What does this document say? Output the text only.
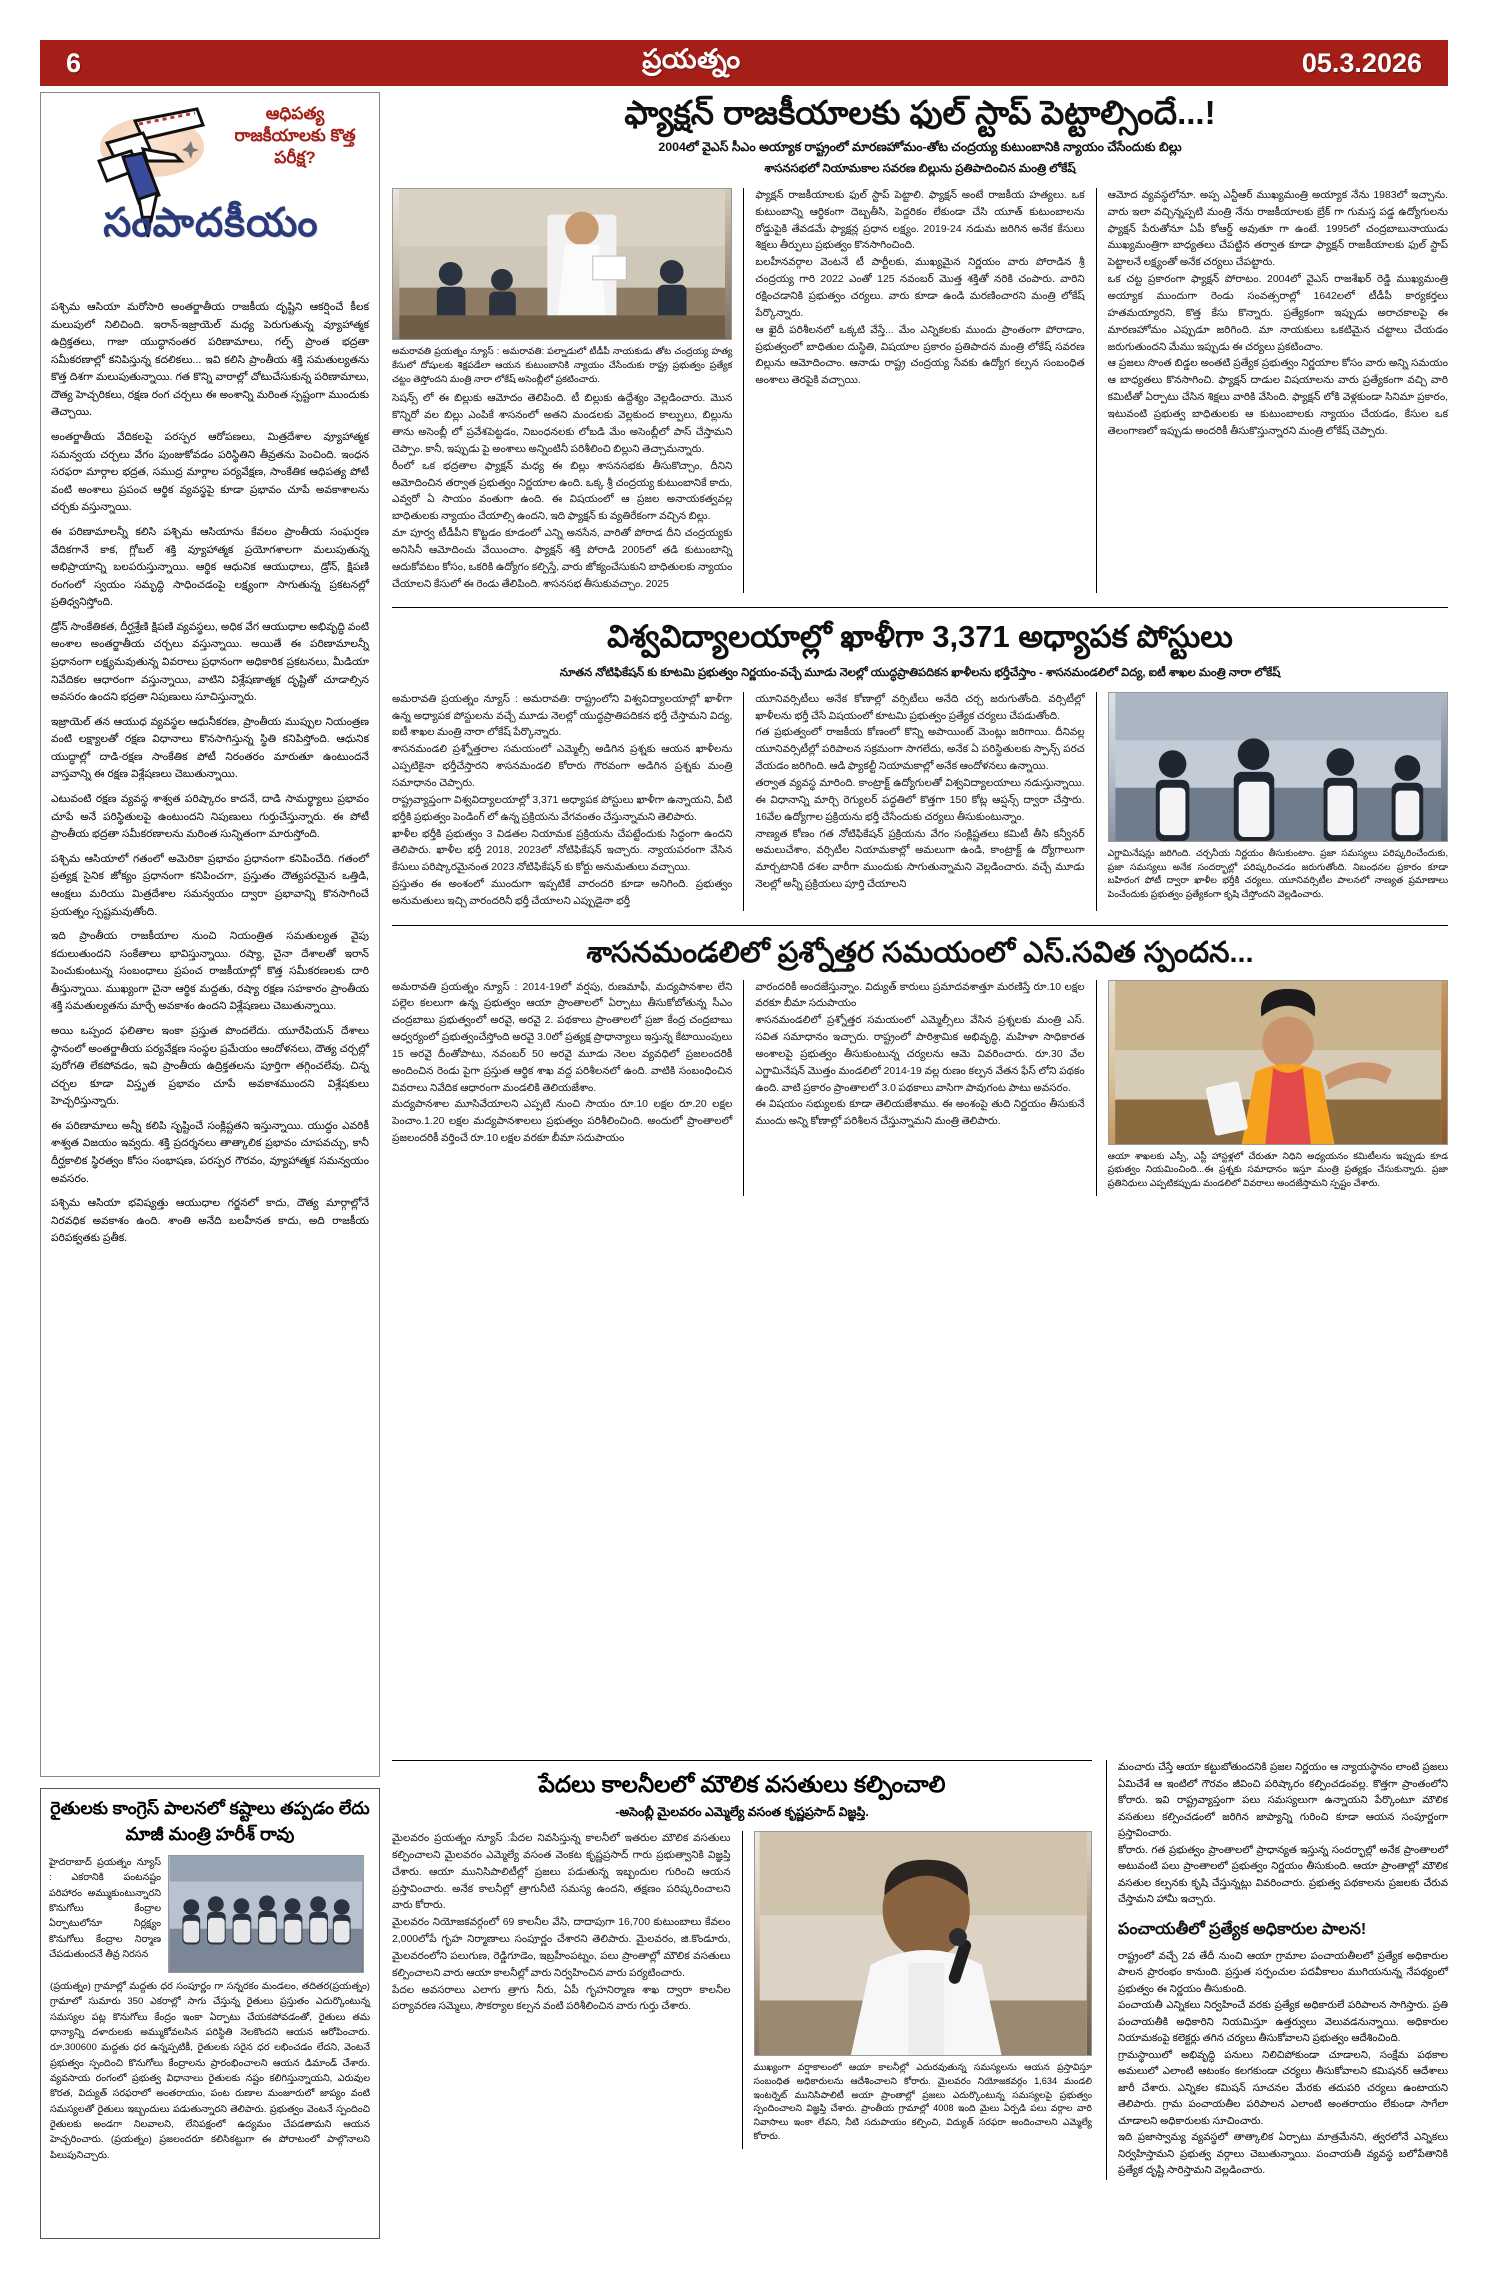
6	ప్రయత్నం	05.3.2026
ఆధిపత్య రాజకీయాలకు కొత్త పరీక్ష?
సంపాదకీయం

పశ్చిమ ఆసియా మరోసారి అంతర్జాతీయ రాజకీయ దృష్టిని ఆకర్షించే కీలక మలుపులో నిలిచింది. ఇరాన్-ఇజ్రాయెల్ మధ్య పెరుగుతున్న వ్యూహాత్మక ఉద్రిక్తతలు, గాజా యుద్ధానంతర పరిణామాలు, గల్ఫ్ ప్రాంత భద్రతా సమీకరణాల్లో కనిపిస్తున్న కదలికలు... ఇవి కలిసి ప్రాంతీయ శక్తి సమతుల్యతను కొత్త దిశగా మలుపుతున్నాయి. గత కొన్ని వారాల్లో చోటుచేసుకున్న పరిణామాలు, దౌత్య హెచ్చరికలు, రక్షణ రంగ చర్చలు ఈ అంశాన్ని మరింత స్పష్టంగా ముందుకు తెచ్చాయి.

అంతర్జాతీయ వేదికలపై పరస్పర ఆరోపణలు, మిత్రదేశాల వ్యూహాత్మక సమన్వయ చర్చలు వేగం పుంజుకోవడం పరిస్థితిని తీవ్రతను పెంచింది. ఇంధన సరఫరా మార్గాల భద్రత, సముద్ర మార్గాల పర్యవేక్షణ, సాంకేతిక ఆధిపత్య పోటీ వంటి అంశాలు ప్రపంచ ఆర్థిక వ్యవస్థపై కూడా ప్రభావం చూపే అవకాశాలను చర్చకు వస్తున్నాయి.

ఈ పరిణామాలన్నీ కలిసి పశ్చిమ ఆసియాను కేవలం ప్రాంతీయ సంఘర్షణ వేదికగానే కాక, గ్లోబల్ శక్తి వ్యూహాత్మక ప్రయోగశాలగా మలుపుతున్న అభిప్రాయాన్ని బలపరుస్తున్నాయి. ఆర్థిక ఆధునిక ఆయుధాలు, డ్రోన్, క్షిపణి రంగంలో స్వయం సమృద్ధి సాధించడంపై లక్ష్యంగా సాగుతున్న ప్రకటనల్లో ప్రతిధ్వనిస్తోంది.

డ్రోన్ సాంకేతికత, దీర్ఘశ్రేణి క్షిపణి వ్యవస్థలు, అధిక వేగ ఆయుధాల అభివృద్ధి వంటి అంశాల అంతర్జాతీయ చర్చలు వస్తున్నాయి. అయితే ఈ పరిణామాలన్నీ ప్రధానంగా లక్ష్యమవుతున్న వివరాలు ప్రధానంగా అధికారిక ప్రకటనలు, మీడియా నివేదికల ఆధారంగా వస్తున్నాయి, వాటిని విశ్లేషణాత్మక దృష్టితో చూడాల్సిన అవసరం ఉందని భద్రతా నిపుణులు సూచిస్తున్నారు.

ఇజ్రాయెల్ తన ఆయుధ వ్యవస్థల ఆధునీకరణ, ప్రాంతీయ ముప్పుల నియంత్రణ వంటి లక్ష్యాలతో రక్షణ విధానాలు కొనసాగిస్తున్న స్థితి కనిపిస్తోంది. ఆధునిక యుద్ధాల్లో దాడి-రక్షణ సాంకేతిక పోటీ నిరంతరం మారుతూ ఉంటుందనే వాస్తవాన్ని ఈ రక్షణ విశ్లేషణలు చెబుతున్నాయి.

ఎటువంటి రక్షణ వ్యవస్థ శాశ్వత పరిష్కారం కాదనే, దాడి సామర్థ్యాలు ప్రభావం చూపే అనే పరిస్థితులపై ఉంటుందని నిపుణులు గుర్తుచేస్తున్నారు. ఈ పోటీ ప్రాంతీయ భద్రతా సమీకరణాలను మరింత సున్నితంగా మారుస్తోంది.

పశ్చిమ ఆసియాలో గతంలో అమెరికా ప్రభావం ప్రధానంగా కనిపించేది. గతంలో ప్రత్యక్ష సైనిక జోక్యం ప్రధానంగా కనిపించగా, ప్రస్తుతం దౌత్యపరమైన ఒత్తిడి, ఆంక్షలు మరియు మిత్రదేశాల సమన్వయం ద్వారా ప్రభావాన్ని కొనసాగించే ప్రయత్నం స్పష్టమవుతోంది.

ఇది ప్రాంతీయ రాజకీయాల నుంచి నియంత్రిత సమతుల్యత వైపు కదులుతుందని సంకేతాలు భావిస్తున్నాయి. రష్యా, చైనా దేశాలతో ఇరాన్ పెంచుకుంటున్న సంబంధాలు ప్రపంచ రాజకీయాల్లో కొత్త సమీకరణలకు దారి తీస్తున్నాయి. ముఖ్యంగా చైనా ఆర్థిక మద్దతు, రష్యా రక్షణ సహకారం ప్రాంతీయ శక్తి సమతుల్యతను మార్చే అవకాశం ఉందని విశ్లేషణలు చెబుతున్నాయి.

అయి ఒప్పంద ఫలితాల ఇంకా ప్రస్తుత పొందలేదు. యూరేపియన్ దేశాలు స్థానంలో అంతర్జాతీయ పర్యవేక్షణ సంస్థల ప్రమేయం ఆందోళనలు, దౌత్య చర్చల్లో పురోగతి లేకపోవడం, ఇవి ప్రాంతీయ ఉద్రిక్తతలను పూర్తిగా తగ్గించలేవు. చిన్న చర్చల కూడా విస్తృత ప్రభావం చూపే అవకాశముందని విశ్లేషకులు హెచ్చరిస్తున్నారు.

ఈ పరిణామాలు అన్నీ కలిపి సృష్టించే సంక్లిష్టతని ఇస్తున్నాయి. యుద్ధం ఎవరికీ శాశ్వత విజయం ఇవ్వదు. శక్తి ప్రదర్శనలు తాత్కాలిక ప్రభావం చూపవచ్చు, కానీ దీర్ఘకాలిక స్థిరత్వం కోసం సంభాషణ, పరస్పర గౌరవం, వ్యూహాత్మక సమన్వయం అవసరం.

పశ్చిమ ఆసియా భవిష్యత్తు ఆయుధాల గర్జనలో కాదు, దౌత్య మార్గాల్లోనే నిరవధిక అవకాశం ఉంది. శాంతి అనేది బలహీనత కాదు, అది రాజకీయ పరిపక్వతకు ప్రతీక.

రైతులకు కాంగ్రెస్ పాలనలో కష్టాలు తప్పడం లేదు
మాజీ మంత్రి హరీశ్ రావు
హైదరాబాద్ ప్రయత్నం న్యూస్ : ఎకరానికి పంటనష్టం పరిహారం అమ్ముకుంటున్నారని కొనుగోలు కేంద్రాల ఏర్పాటులోనూ నిర్లక్ష్యం కొనుగోలు కేంద్రాల నిర్మాణ చేపడుతుందనే తీవ్ర నిరసన
(ప్రయత్నం) గ్రామాల్లో మద్దతు ధర సంపూర్ణం గా సన్నరకం మండలం, తదితర(ప్రయత్నం) గ్రామాలో సుమారు 350 ఎకరాల్లో సాగు చేస్తున్న రైతులు ప్రస్తుతం ఎదుర్కొంటున్న సమస్యల పట్ల కొనుగోలు కేంద్రం ఇంకా ఏర్పాటు చేయకపోవడంతో, రైతులు తమ ధాన్యాన్ని దళారులకు అమ్ముకోవలసిన పరిస్థితి నెలకొందని ఆయన ఆరోపించారు. రూ.300600 మద్దతు ధర ఉన్నప్పటికీ, రైతులకు సరైన ధర లభించడం లేదని, వెంటనే ప్రభుత్వం స్పందించి కొనుగోలు కేంద్రాలను ప్రారంభించాలని ఆయన డిమాండ్ చేశారు. వ్యవసాయ రంగంలో ప్రభుత్వ విధానాలు రైతులకు నష్టం కలిగిస్తున్నాయని, ఎరువుల కొరత, విద్యుత్ సరఫరాలో అంతరాయం, పంట రుణాల మంజూరులో జాప్యం వంటి సమస్యలతో రైతులు ఇబ్బందులు పడుతున్నారని తెలిపారు. ప్రభుత్వం వెంటనే స్పందించి రైతులకు అండగా నిలవాలని, లేనిపక్షంలో ఉద్యమం చేపడతామని ఆయన హెచ్చరించారు. (ప్రయత్నం) ప్రజలందరూ కలిసికట్టుగా ఈ పోరాటంలో పాల్గొనాలని పిలుపునిచ్చారు.
ఫ్యాక్షన్ రాజకీయాలకు ఫుల్ స్టాప్ పెట్టాల్సిందే...!
2004లో వైఎస్ సీఎం అయ్యాక రాష్ట్రంలో మారణహోమం-తోట చంద్రయ్య కుటుంబానికి న్యాయం చేసేందుకు బిల్లు
శాసనసభలో నియామకాల సవరణ బిల్లును ప్రతిపాదించిన మంత్రి లోకేష్
అమరావతి ప్రయత్నం న్యూస్ : అమరావతి: పల్నాడులో టీడీపీ నాయకుడు తోట చంద్రయ్య హత్య కేసులో దోషులకు శిక్షపడేలా ఆయన కుటుంబానికి న్యాయం చేసేందుకు రాష్ట్ర ప్రభుత్వం ప్రత్యేక చట్టం తెస్తోందని మంత్రి నారా లోకేష్ అసెంబ్లీలో ప్రకటించారు.
సెషన్స్ లో ఈ బిల్లుకు ఆమోదం తెలిపింది. టీ బిల్లుకు ఉద్దేశ్యం వెల్లడించారు. మొన కొన్నిరో వల బిల్లు ఎంపికే శాసనంలో అతని మండలకు వెల్లకుంద కాల్పులు, బిల్లును తాను అసెంబ్లీ లో ప్రవేశపెట్టడం, నిబంధనలకు లోబడి మేం అసెంబ్లీలో పాస్ చేస్తామని చెప్పాం. కానీ, ఇప్పుడు పై అంశాలు అన్నింటినీ పరిశీలించి బిల్లుని తెచ్చామన్నారు.
రీంలో ఒక భద్రతాల ఫ్యాక్షన్ మధ్య ఈ బిల్లు శాసనసభకు తీసుకొచ్చాం, దీనిని ఆమోదించిన తర్వాత ప్రభుత్వం నిర్ణయాల ఉంది. ఒక్క శ్రీ చంద్రయ్య కుటుంబానికే కాదు, ఎవ్వరో ఏ సాయం వంతుగా ఉంది. ఈ విషయంలో ఆ ప్రజల అనాయకత్వవల్ల బాధితులకు న్యాయం చేయాల్సి ఉందని, ఇది ఫ్యాక్షన్ కు వ్యతిరేకంగా వచ్చిన బిల్లు.
మా పూర్వ టీడీపీని కొట్టడం కూడంలో ఎన్ని అనసేన, వారితో పోరాడ దీని చంద్రయ్యకు అనిసినీ ఆమోదించు వేయించాం. ఫ్యాక్షన్ శక్తి పోరాడి 2005లో తడి కుటుంబాన్ని ఆదుకోవటం కోసం, ఒకరికి ఉద్యోగం కల్పిస్తే, వారు జోక్యంచేసుకుని బాధితులకు న్యాయం చేయాలని కేసులో ఈ రెండు తేలిపింది. శాసనసభ తీసుకువచ్చాం. 2025
ఫ్యాక్షన్ రాజకీయాలకు ఫుల్ స్టాప్ పెట్టాలి. ఫ్యాక్షన్ అంటే రాజకీయ హత్యలు. ఒక కుటుంబాన్ని ఆర్థికంగా దెబ్బతీసి, పెద్దరికం లేకుండా చేసి యూత్ కుటుంబాలను రోడ్డుపైకి తేవడమే ఫ్యాక్షన్ల ప్రధాన లక్ష్యం. 2019-24 నడుమ జరిగిన అనేక కేసులు శిక్షలు తీర్పులు ప్రభుత్వం కొనసాగించింది.
బలహీనవర్గాల వెంటనే టీ పార్టీలకు, ముఖ్యమైన నిర్ణయం వారు పోరాడిన శ్రీ చంద్రయ్య గారి 2022 ఎంతో 125 నవంబర్ మెుత్త శక్తితో నరికి చంపారు. వారిని రక్షించడానికి ప్రభుత్వం చర్యలు. వారు కూడా ఉండి మరణించారని మంత్రి లోకేష్ పేర్కొన్నారు.
ఆ ఖైదీ పరిశీలనలో ఒక్కటి వేస్తే... మేం ఎన్నికలకు ముందు ప్రాంతంగా పోరాడాం, ప్రభుత్వంలో బాధితుల దుస్థితి, విషయాల ప్రకారం ప్రతిపాదన మంత్రి లోకేష్ సవరణ బిల్లును ఆమోదించాం. ఆనాడు రాష్ట్ర చంద్రయ్య సేవకు ఉద్యోగ కల్పన సంబంధిత అంశాలు తెరపైకి వచ్చాయి.
ఆమోద వ్యవస్థలోనూ. అప్ప ఎన్టీఆర్ ముఖ్యమంత్రి అయ్యాక నేను 1983లో ఇచ్చాను. వారు ఇలా వచ్చిన్నప్పటి మంత్రి నేను రాజకీయాలకు బ్రేక్ గా గుమస్త పడ్డ ఉద్యోగులను ఫ్యాక్షన్ పేరుతోనూ ఏపీ కోఆర్డ్ అవుతూ గా ఉంటే. 1995లో చంద్రబాబునాయుడు ముఖ్యమంత్రిగా బాధ్యతలు చేపట్టిన తర్వాత కూడా ఫ్యాక్షన్ రాజకీయాలకు ఫుల్ స్టాప్ పెట్టాలనే లక్ష్యంతో అనేక చర్యలు చేపట్టారు.
ఒక చట్ట ప్రకారంగా ఫ్యాక్షన్ పోరాటం. 2004లో వైఎస్ రాజశేఖర్ రెడ్డి ముఖ్యమంత్రి అయ్యాక ముందుగా రెండు సంవత్సరాల్లో 1642లలో టీడీపీ కార్యకర్తలు హతమయ్యారని, కొత్త కేసు కొన్నారు. ప్రత్యేకంగా ఇప్పుడు అరాచకాలపై ఈ మారణహోమం ఎప్పుడూ జరిగింది. మా నాయకులు ఒకటిమైన చట్టాలు చేయడం జరుగుతుందని మేము ఇప్పుడు ఈ చర్యలు ప్రకటించాం.
ఆ ప్రజలు సొంత బిడ్డల అంతటి ప్రత్యేక ప్రభుత్వం నిర్ణయాల కోసం వారు అన్ని సమయం ఆ బాధ్యతలు కొనసాగించి. ఫ్యాక్షన్ దాడుల విషయాలను వారు ప్రత్యేకంగా వచ్చి వారి కమిటీతో ఏర్పాటు చేసిన శిక్షలు వారికి వేసింది. ఫ్యాక్షన్ లోకి వెళ్లకుండా సినిమా ప్రకారం, ఇటువంటి ప్రభుత్వ బాధితులకు ఆ కుటుంబాలకు న్యాయం చేయడం, కేసుల ఒక తెలంగాణలో ఇప్పుడు అందరికీ తీసుకొస్తున్నారని మంత్రి లోకేష్ చెప్పారు.
విశ్వవిద్యాలయాల్లో ఖాళీగా 3,371 అధ్యాపక పోస్టులు
నూతన నోటిఫికేషన్ కు కూటమి ప్రభుత్వం నిర్ణయం-వచ్చే మూడు నెలల్లో యుద్ధప్రాతిపదికన ఖాళీలను భర్తీచేస్తాం - శాసనమండలిలో విద్య, ఐటీ శాఖల మంత్రి నారా లోకేష్
అమరావతి ప్రయత్నం న్యూస్ : అమరావతి: రాష్ట్రంలోని విశ్వవిద్యాలయాల్లో ఖాళీగా ఉన్న అధ్యాపక పోస్టులను వచ్చే మూడు నెలల్లో యుద్ధప్రాతిపదికన భర్తీ చేస్తామని విద్య, ఐటీ శాఖల మంత్రి నారా లోకేష్ పేర్కొన్నారు.
శాసనమండలి ప్రశ్నోత్తరాల సమయంలో ఎమ్మెల్సీ అడిగిన ప్రశ్నకు ఆయన ఖాళీలను ఎప్పటికైనా భర్తీచేస్తారని శాసనమండలి కోరారు గౌరవంగా అడిగిన ప్రశ్నకు మంత్రి సమాధానం చెప్పారు.
రాష్ట్రవ్యాప్తంగా విశ్వవిద్యాలయాల్లో 3,371 అధ్యాపక పోస్టులు ఖాళీగా ఉన్నాయని, వీటి భర్తీకి ప్రభుత్వం పెండింగ్ లో ఉన్న ప్రక్రియను వేగవంతం చేస్తున్నామని తెలిపారు.
ఖాళీల భర్తీకి ప్రభుత్వం 3 విడతల నియామక ప్రక్రియను చేపట్టేందుకు సిద్ధంగా ఉందని తెలిపారు. ఖాళీల భర్తీ 2018, 2023లో నోటిఫికేషన్ ఇచ్చారు. న్యాయపరంగా వేసిన కేసులు పరిష్కారమైనంత 2023 నోటిఫికేషన్ కు కోర్టు అనుమతులు వచ్చాయి.
ప్రస్తుతం ఈ అంశంలో ముందుగా ఇప్పటికే వారందరి కూడా అనిగింది. ప్రభుత్వం అనుమతులు ఇచ్చి వారందరినీ భర్తీ చేయాలని ఎప్పుడైనా భర్తీ
యూనివర్సిటీలు అనేక కోణాల్లో వర్సిటీలు అనేది చర్చ జరుగుతోంది. వర్సిటీల్లో ఖాళీలను భర్తీ చేసే విషయంలో కూటమి ప్రభుత్వం ప్రత్యేక చర్యలు చేపడుతోంది.
గత ప్రభుత్వంలో రాజకీయ కోణంలో కొన్ని అపాయింట్ మెంట్లు జరిగాయి. దీనివల్ల యూనివర్సిటీల్లో పరిపాలన సక్రమంగా సాగలేదు, అనేక ఏ పరిస్థితులకు స్పాన్స్ పరచ వేయడం జరిగింది. ఆడి ఫ్యాకల్టీ నియామకాల్లో అనేక ఆందోళనలు ఉన్నాయి.
తర్వాత వ్యవస్థ మారింది. కాంట్రాక్ట్ ఉద్యోగులతో విశ్వవిద్యాలయాలు నడుస్తున్నాయి. ఈ విధానాన్ని మార్చి రెగ్యులర్ పద్ధతిలో కొత్తగా 150 కోట్ల ఆప్షన్స్ ద్వారా చేస్తారు. 16వేల ఉద్యోగాల ప్రక్రియను భర్తీ చేసేందుకు చర్యలు తీసుకుంటున్నాం.
నాణ్యత కోణం గత నోటిఫికేషన్ ప్రక్రియను వేగం సంక్లిష్టతలు కమిటీ తీసి కన్వీనర్ అమలుచేశాం, వర్సిటీల నియామకాల్లో అమలుగా ఉండి, కాంట్రాక్ట్ ఉ ద్యోగాలుగా మార్చటానికి దశల వారీగా ముందుకు సాగుతున్నామని వెల్లడించారు. వచ్చే మూడు నెలల్లో అన్నీ ప్రక్రియలు పూర్తి చేయాలని
ఎగ్జామినేషన్లు జరిగింది. చర్చనీయ నిర్ణయం తీసుకుంటాం. ప్రజా సమస్యలు పరిష్కరించేందుకు, ప్రజా సమస్యలు అనేక సందర్భాల్లో పరిష్కరించడం జరుగుతోంది. నిబంధనల ప్రకారం కూడా బహిరంగ పోటీ ద్వారా ఖాళీల భర్తీకి చర్యలు. యూనివర్సిటీల పాలనలో నాణ్యత ప్రమాణాలు పెంచేందుకు ప్రభుత్వం ప్రత్యేకంగా కృషి చేస్తోందని వెల్లడించారు.
శాసనమండలిలో ప్రశ్నోత్తర సమయంలో ఎస్.సవిత స్పందన...
అమరావతి ప్రయత్నం న్యూస్ : 2014-19లో వర్షపు, రుణమాఫీ, మద్యపానశాల లేని పల్లెల కలలుగా ఉన్న ప్రభుత్వం ఆయా ప్రాంతాలలో ఏర్పాటు తీసుకోబోతున్న సీఎం చంద్రబాబు ప్రభుత్వంలో అరవై, అరవై 2. పథకాలు ప్రాంతాలలో ప్రజా కేంద్ర చంద్రబాబు ఆధ్వర్యంలో ప్రభుత్వంచేస్తోంది అరవై 3.0లో ప్రత్యక్ష ప్రాధాన్యాలు ఇస్తున్న కేటాయింపులు 15 అరవై దీంతోపాటు, నవంబర్ 50 అరవై మూడు నెలల వ్యవధిలో ప్రజలందరికీ అందించిన రెండు పైగా ప్రస్తుత ఆర్థిక శాఖ వద్ద పరిశీలనలో ఉంది. వాటికి సంబంధించిన వివరాలు నివేదిక ఆధారంగా మండలికి తెలియజేశాం.
మద్యపానశాల మూసివేయాలని ఎప్పటి నుంచి సాయం రూ.10 లక్షల రూ.20 లక్షల పెంచాం.1.20 లక్షల మద్యపానశాలలు ప్రభుత్వం పరిశీలించింది. అందులో ప్రాంతాలలో ప్రజలందరికీ వర్తించే రూ.10 లక్షల వరకూ బీమా సదుపాయం
వారందరికీ అందజేస్తున్నాం. విద్యుత్ కారులు ప్రమాదవశాత్తూ మరణిస్తే రూ.10 లక్షల వరకూ బీమా సదుపాయం
శాసనమండలిలో ప్రశ్నోత్తర సమయంలో ఎమ్మెల్సీలు వేసిన ప్రశ్నలకు మంత్రి ఎస్. సవిత సమాధానం ఇచ్చారు. రాష్ట్రంలో పారిశ్రామిక అభివృద్ధి, మహిళా సాధికారత అంశాలపై ప్రభుత్వం తీసుకుంటున్న చర్యలను ఆమె వివరించారు. రూ.30 వేల ఎగ్జామినేషన్ మెుత్తం మండలిలో 2014-19 వల్ల రుణం కల్పన వేతన ఫేస్ లోని పథకం ఉంది. వాటి ప్రకారం ప్రాంతాలలో 3.0 పథకాలు వాసిగా పావుగంట పాటు అవసరం.
ఈ విషయం సభ్యులకు కూడా తెలియజేశాము. ఈ అంశంపై తుది నిర్ణయం తీసుకునే ముందు అన్ని కోణాల్లో పరిశీలన చేస్తున్నామని మంత్రి తెలిపారు.
ఆయా శాఖలకు ఎస్సీ, ఎస్టీ హాస్టళ్లలో చేరుతూ నిధిని అధ్యయనం కమిటీలను ఇప్పుడు కూడ ప్రభుత్వం నియమించింది...ఈ ప్రశ్నకు సమాధానం ఇస్తూ మంత్రి ప్రత్యక్షం చేసుకున్నారు. ప్రజా ప్రతినిధులు ఎప్పటికప్పుడు మండలిలో వివరాలు అందజేస్తామని స్పష్టం చేశారు.
పేదలు కాలనీలలో మౌలిక వసతులు కల్పించాలి
-అసెంబ్లీ మైలవరం ఎమ్మెల్యే వసంత కృష్ణప్రసాద్ విజ్ఞప్తి.
మైలవరం ప్రయత్నం న్యూస్ :పేదల నివసిస్తున్న కాలనీలో ఇతరుల మౌలిక వసతులు కల్పించాలని మైలవరం ఎమ్మెల్యే వసంత వెంకట కృష్ణప్రసాద్ గారు ప్రభుత్వానికి విజ్ఞప్తి చేశారు. ఆయా మునిసిపాలిటీల్లో ప్రజలు పడుతున్న ఇబ్బందుల గురించి ఆయన ప్రస్తావించారు. అనేక కాలనీల్లో త్రాగునీటి సమస్య ఉందని, తక్షణం పరిష్కరించాలని వారు కోరారు.
మైలవరం నియోజకవర్గంలో 69 కాలనీల వేసి, దాదాపుగా 16,700 కుటుంబాలు కేవలం 2,000లోపే గృహ నిర్మాణాలు సంపూర్ణం చేశారని తెలిపారు. మైలవరం, జి.కొండూరు, మైలవరంలోని పలుగుణ, రెడ్డిగూడెం, ఇబ్రహీంపట్నం, పలు ప్రాంతాల్లో మౌలిక వసతులు కల్పించాలని వారు ఆయా కాలనీల్లో వారు నిర్వహించిన వారు పర్యటించారు.
పేదల అవసరాలు ఎలాగు త్రాగు నీరు, ఏపీ గృహనిర్మాణ శాఖ ద్వారా కాలనీల పర్యావరణ సమ్మెలు, సౌకర్యాల కల్పన వంటి పరిశీలించిన వారు గుర్తు చేశారు.
ముఖ్యంగా వర్షాకాలంలో ఆయా కాలనీల్లో ఎదురవుతున్న సమస్యలను ఆయన ప్రస్తావిస్తూ సంబంధిత అధికారులను ఆదేశించాలని కోరారు. మైలవరం నియోజకవర్గం 1,634 మండలి ఇంటర్నెట్ మునిసిపాలిటీ అయా ప్రాంతాల్లో ప్రజలు ఎదుర్కొంటున్న సమస్యలపై ప్రభుత్వం స్పందించాలని విజ్ఞప్తి చేశారు. ప్రాంతీయ గ్రామాల్లో 4008 ఇంది మైలు ఏర్పడి పలు వర్గాల వారి నివాసాలు ఇంకా లేవని, నీటి సదుపాయం కల్పించి, విద్యుత్ సరఫరా అందించాలని ఎమ్మెల్యే కోరారు.
మంచారు చేస్తే ఆయా కట్టుబోతుందనికి ప్రజల నిర్ణయం ఆ న్యాయస్థానం లాంటి ప్రజలు ఏమిచేశే ఆ ఇంటిలో గౌరవం జీవించి పరిష్కారం కల్పించడంవల్ల. కొత్తగా ప్రాంతంలోని కోరారు. ఇవి రాష్ట్రవ్యాప్తంగా పలు సమస్యలుగా ఉన్నాయని పేర్కొంటూ మౌలిక వసతులు కల్పించడంలో జరిగిన జాప్యాన్ని గురించి కూడా ఆయన సంపూర్ణంగా ప్రస్తావించారు.
కోరారు. గత ప్రభుత్వం ప్రాంతాలలో ప్రాధాన్యత ఇస్తున్న సందర్భాల్లో అనేక ప్రాంతాలలో అటువంటి పలు ప్రాంతాలలో ప్రభుత్వం నిర్ణయం తీసుకుంది. ఆయా ప్రాంతాల్లో మౌలిక వసతుల కల్పనకు కృషి చేస్తున్నట్లు వివరించారు. ప్రభుత్వ పథకాలను ప్రజలకు చేరువ చేస్తామని హామీ ఇచ్చారు.
పంచాయతీలో ప్రత్యేక అధికారుల పాలన!
రాష్ట్రంలో వచ్చే 2వ తేదీ నుంచి ఆయా గ్రామాల పంచాయతీలలో ప్రత్యేక అధికారుల పాలన ప్రారంభం కానుంది. ప్రస్తుత సర్పంచుల పదవీకాలం ముగియనున్న నేపథ్యంలో ప్రభుత్వం ఈ నిర్ణయం తీసుకుంది.
పంచాయతీ ఎన్నికలు నిర్వహించే వరకు ప్రత్యేక అధికారులే పరిపాలన సాగిస్తారు. ప్రతి పంచాయతీకి అధికారిని నియమిస్తూ ఉత్తర్వులు వెలువడనున్నాయి. అధికారుల నియామకంపై కలెక్టర్లు తగిన చర్యలు తీసుకోవాలని ప్రభుత్వం ఆదేశించింది.
గ్రామస్థాయిలో అభివృద్ధి పనులు నిలిచిపోకుండా చూడాలని, సంక్షేమ పథకాల అమలులో ఎలాంటి ఆటంకం కలగకుండా చర్యలు తీసుకోవాలని కమిషనర్ ఆదేశాలు జారీ చేశారు. ఎన్నికల కమిషన్ సూచనల మేరకు తదుపరి చర్యలు ఉంటాయని తెలిపారు. గ్రామ పంచాయతీల పరిపాలన ఎలాంటి అంతరాయం లేకుండా సాగేలా చూడాలని అధికారులకు సూచించారు.
ఇది ప్రజాస్వామ్య వ్యవస్థలో తాత్కాలిక ఏర్పాటు మాత్రమేనని, త్వరలోనే ఎన్నికలు నిర్వహిస్తామని ప్రభుత్వ వర్గాలు చెబుతున్నాయి. పంచాయతీ వ్యవస్థ బలోపేతానికి ప్రత్యేక దృష్టి సారిస్తామని వెల్లడించారు.
